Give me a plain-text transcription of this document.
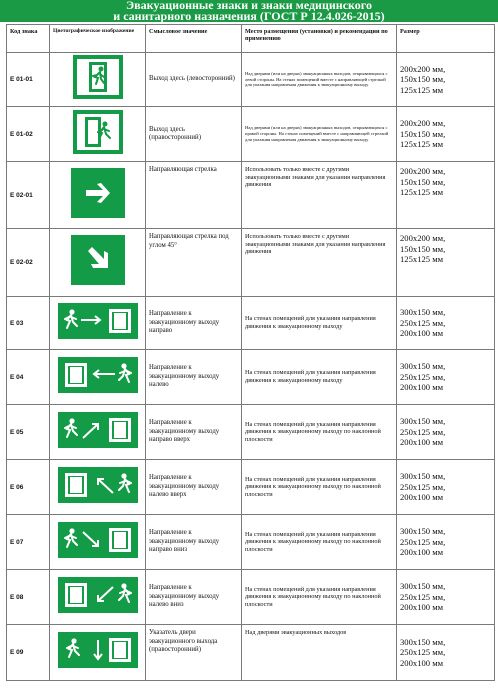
Эвакуационные знаки и знаки медицинского
и санитарного назначения (ГОСТ Р 12.4.026-2015)
Код знака	Цветографическое изображение	Смысловое значение	Место размещения (установки) и рекомендации по применению	Размер
E 01-01		Выход здесь (левосторонний)	Над дверями (или на дверях) эвакуационных выходов, открывающихся с левой стороны. На стенах помещений вместе с направляющей стрелкой для указания направления движения к эвакуационному выходу	200x200 мм,
150x150 мм,
125x125 мм

E 01-02		Выход здесь (правосторонний)	Над дверями (или на дверях) эвакуационных выходов, открывающихся с правой стороны. На стенах помещений вместе с направляющей стрелкой для указания направления движения к эвакуационному выходу	200x200 мм,
150x150 мм,
125x125 мм

E 02-01		Направляющая стрелка	Использовать только вместе с другими эвакуационными знаками для указания направления движения	200x200 мм,
150x150 мм,
125x125 мм

E 02-02		Направляющая стрелка под углом 45°	Использовать только вместе с другими эвакуационными знаками для указания направления движения	200x200 мм,
150x150 мм,
125x125 мм

E 03		Направление к эвакуационному выходу направо	На стенах помещений для указания направления движения к эвакуационному выходу	300x150 мм,
250x125 мм,
200x100 мм

E 04		Направление к эвакуационному выходу налево	На стенах помещений для указания направления движения к эвакуационному выходу	300x150 мм,
250x125 мм,
200x100 мм

E 05		Направление к эвакуационному выходу направо вверх	На стенах помещений для указания направления движения к эвакуационному выходу по наклонной плоскости	300x150 мм,
250x125 мм,
200x100 мм

E 06		Направление к эвакуационному выходу налево вверх	На стенах помещений для указания направления движения к эвакуационному выходу по наклонной плоскости	300x150 мм,
250x125 мм,
200x100 мм

E 07		Направление к эвакуационному выходу направо вниз	На стенах помещений для указания направления движения к эвакуационному выходу по наклонной плоскости	300x150 мм,
250x125 мм,
200x100 мм

E 08		Направление к эвакуационному выходу налево вниз	На стенах помещений для указания направления движения к эвакуационному выходу по наклонной плоскости	300x150 мм,
250x125 мм,
200x100 мм

E 09		Указатель двери эвакуационного выхода (правосторонний)	Над дверями эвакуационных выходов	300x150 мм,
250x125 мм,
200x100 мм
